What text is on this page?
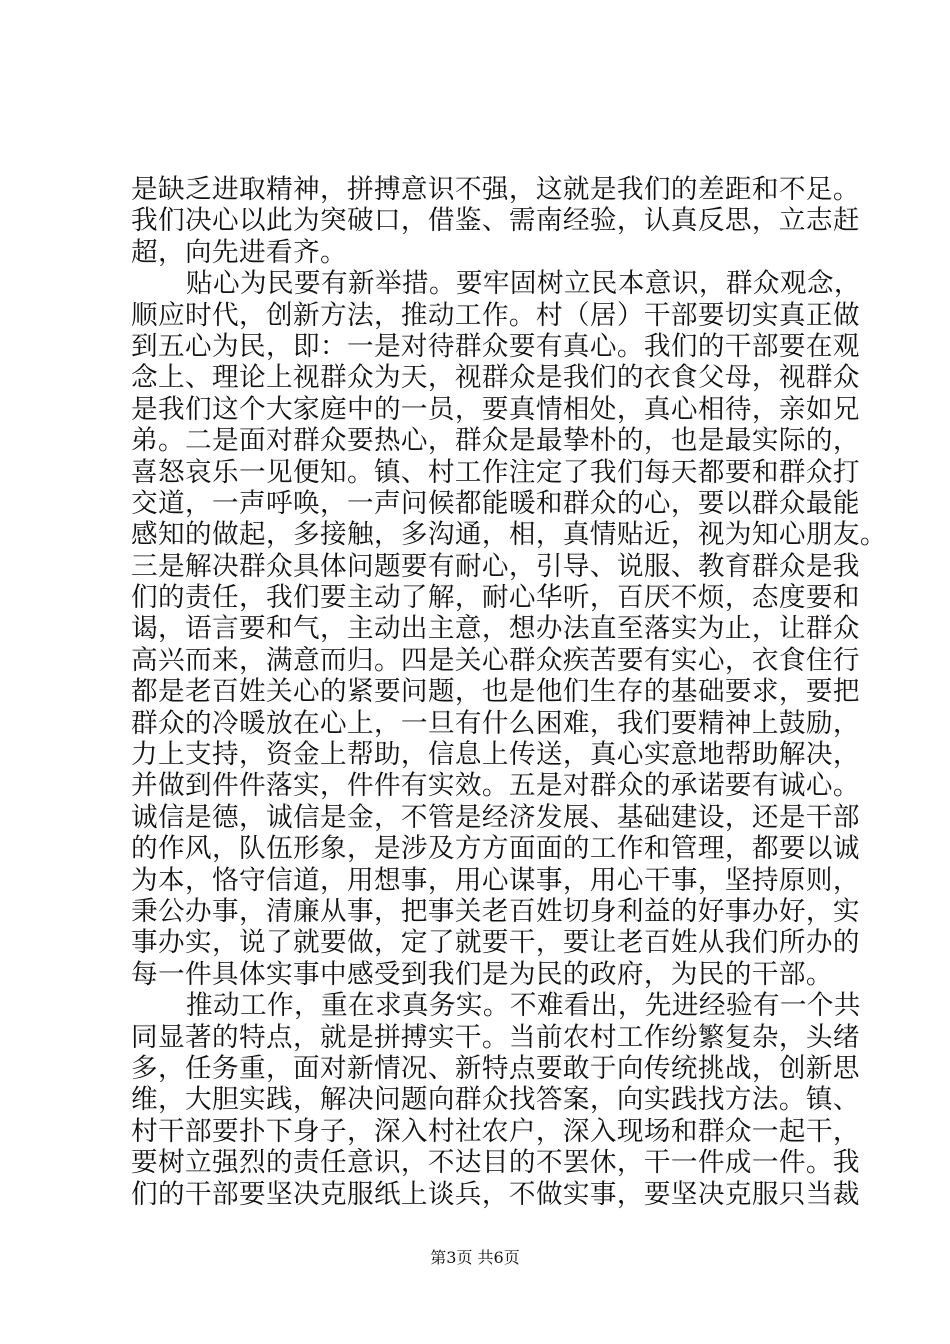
是缺乏进取精神，拼搏意识不强，这就是我们的差距和不足。
我们决心以此为突破口，借鉴、需南经验，认真反思，立志赶
超，向先进看齐。
贴心为民要有新举措。要牢固树立民本意识，群众观念，
顺应时代，创新方法，推动工作。村（居）干部要切实真正做
到五心为民，即：一是对待群众要有真心。我们的干部要在观
念上、理论上视群众为天，视群众是我们的衣食父母，视群众
是我们这个大家庭中的一员，要真情相处，真心相待，亲如兄
弟。二是面对群众要热心，群众是最挚朴的，也是最实际的，
喜怒哀乐一见便知。镇、村工作注定了我们每天都要和群众打
交道，一声呼唤，一声问候都能暖和群众的心，要以群众最能
感知的做起，多接触，多沟通，相，真情贴近，视为知心朋友。
三是解决群众具体问题要有耐心，引导、说服、教育群众是我
们的责任，我们要主动了解，耐心华听，百厌不烦，态度要和
谒，语言要和气，主动出主意，想办法直至落实为止，让群众
高兴而来，满意而归。四是关心群众疾苦要有实心，衣食住行
都是老百姓关心的紧要问题，也是他们生存的基础要求，要把
群众的冷暖放在心上，一旦有什么困难，我们要精神上鼓励，
力上支持，资金上帮助，信息上传送，真心实意地帮助解决，
并做到件件落实，件件有实效。五是对群众的承诺要有诚心。
诚信是德，诚信是金，不管是经济发展、基础建设，还是干部
的作风，队伍形象，是涉及方方面面的工作和管理，都要以诚
为本，恪守信道，用想事，用心谋事，用心干事，坚持原则，
秉公办事，清廉从事，把事关老百姓切身利益的好事办好，实
事办实，说了就要做，定了就要干，要让老百姓从我们所办的
每一件具体实事中感受到我们是为民的政府，为民的干部。
推动工作，重在求真务实。不难看出，先进经验有一个共
同显著的特点，就是拼搏实干。当前农村工作纷繁复杂，头绪
多，任务重，面对新情况、新特点要敢于向传统挑战，创新思
维，大胆实践，解决问题向群众找答案，向实践找方法。镇、
村干部要扑下身子，深入村社农户，深入现场和群众一起干，
要树立强烈的责任意识，不达目的不罢休，干一件成一件。我
们的干部要坚决克服纸上谈兵，不做实事，要坚决克服只当裁
第3页 共6页
